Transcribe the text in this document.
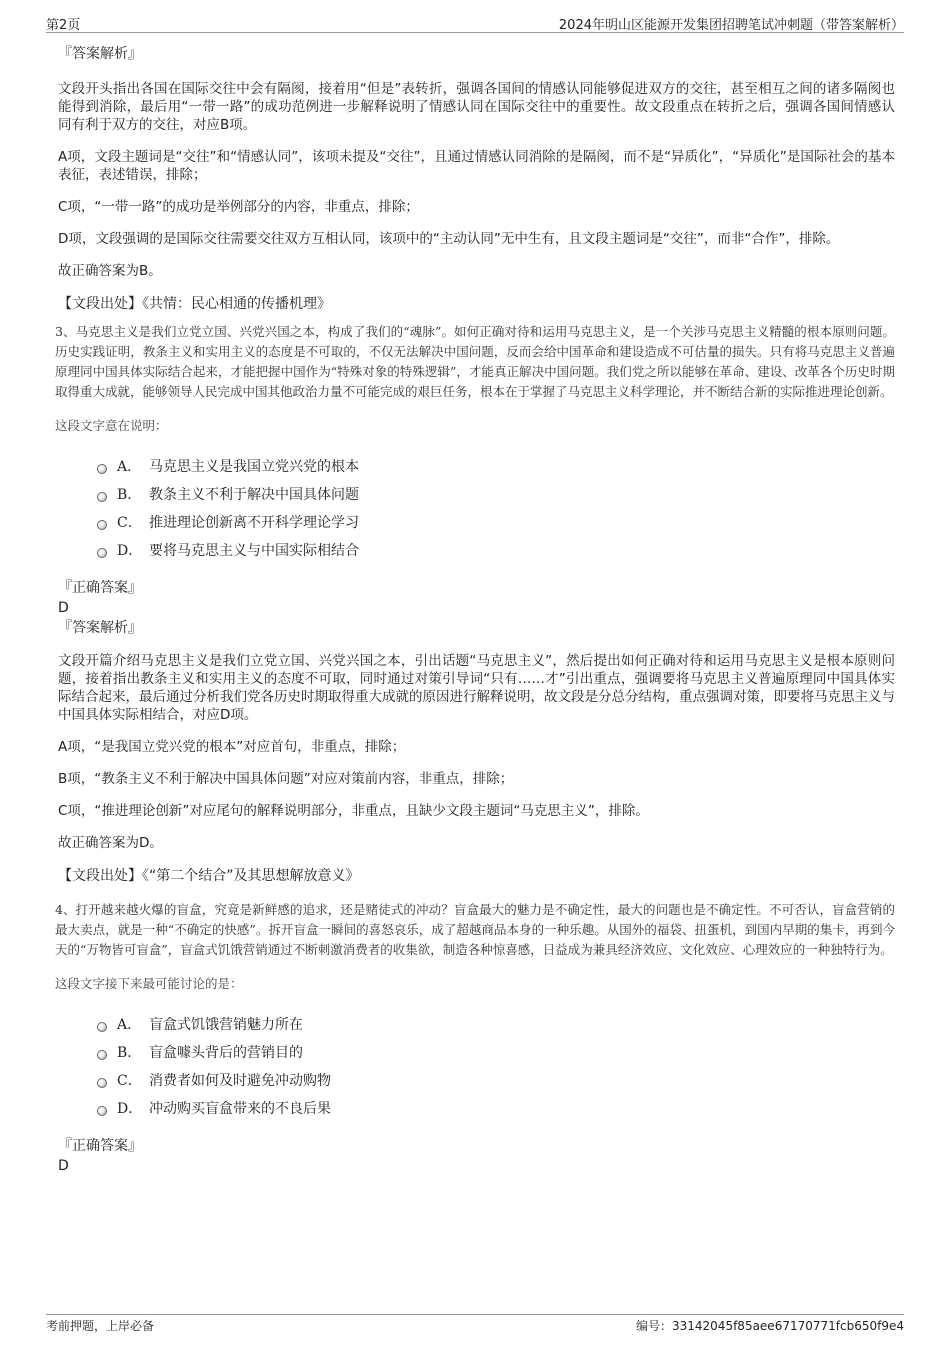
第2页	2024年明山区能源开发集团招聘笔试冲刺题（带答案解析）
『答案解析』

文段开头指出各国在国际交往中会有隔阂，接着用“但是”表转折，强调各国间的情感认同能够促进双方的交往，甚至相互之间的诸多隔阂也能得到消除，最后用“一带一路”的成功范例进一步解释说明了情感认同在国际交往中的重要性。故文段重点在转折之后，强调各国间情感认同有利于双方的交往，对应B项。

A项，文段主题词是“交往”和“情感认同”，该项未提及“交往”，且通过情感认同消除的是隔阂，而不是“异质化”，“异质化”是国际社会的基本表征，表述错误，排除；

C项，“一带一路”的成功是举例部分的内容，非重点，排除；

D项，文段强调的是国际交往需要交往双方互相认同，该项中的“主动认同”无中生有，且文段主题词是“交往”，而非“合作”，排除。

故正确答案为B。

【文段出处】《共情：民心相通的传播机理》

3、马克思主义是我们立党立国、兴党兴国之本，构成了我们的“魂脉”。如何正确对待和运用马克思主义，是一个关涉马克思主义精髓的根本原则问题。历史实践证明，教条主义和实用主义的态度是不可取的，不仅无法解决中国问题，反而会给中国革命和建设造成不可估量的损失。只有将马克思主义普遍原理同中国具体实际结合起来，才能把握中国作为“特殊对象的特殊逻辑”，才能真正解决中国问题。我们党之所以能够在革命、建设、改革各个历史时期取得重大成就，能够领导人民完成中国其他政治力量不可能完成的艰巨任务，根本在于掌握了马克思主义科学理论，并不断结合新的实际推进理论创新。

这段文字意在说明：
A． 马克思主义是我国立党兴党的根本
B． 教条主义不利于解决中国具体问题
C． 推进理论创新离不开科学理论学习
D． 要将马克思主义与中国实际相结合
『正确答案』
D
『答案解析』

文段开篇介绍马克思主义是我们立党立国、兴党兴国之本，引出话题“马克思主义”，然后提出如何正确对待和运用马克思主义是根本原则问题，接着指出教条主义和实用主义的态度不可取，同时通过对策引导词“只有……才”引出重点，强调要将马克思主义普遍原理同中国具体实际结合起来，最后通过分析我们党各历史时期取得重大成就的原因进行解释说明，故文段是分总分结构，重点强调对策，即要将马克思主义与中国具体实际相结合，对应D项。

A项，“是我国立党兴党的根本”对应首句，非重点，排除；

B项，“教条主义不利于解决中国具体问题”对应对策前内容，非重点，排除；

C项，“推进理论创新”对应尾句的解释说明部分，非重点，且缺少文段主题词“马克思主义”，排除。

故正确答案为D。

【文段出处】《“第二个结合”及其思想解放意义》

4、打开越来越火爆的盲盒，究竟是新鲜感的追求，还是赌徒式的冲动？盲盒最大的魅力是不确定性，最大的问题也是不确定性。不可否认，盲盒营销的最大卖点，就是一种“不确定的快感”。拆开盲盒一瞬间的喜怒哀乐，成了超越商品本身的一种乐趣。从国外的福袋、扭蛋机，到国内早期的集卡，再到今天的“万物皆可盲盒”，盲盒式饥饿营销通过不断刺激消费者的收集欲，制造各种惊喜感，日益成为兼具经济效应、文化效应、心理效应的一种独特行为。

这段文字接下来最可能讨论的是：
A． 盲盒式饥饿营销魅力所在
B． 盲盒噱头背后的营销目的
C． 消费者如何及时避免冲动购物
D． 冲动购买盲盒带来的不良后果
『正确答案』
D
考前押题，上岸必备	编号：33142045f85aee67170771fcb650f9e4
